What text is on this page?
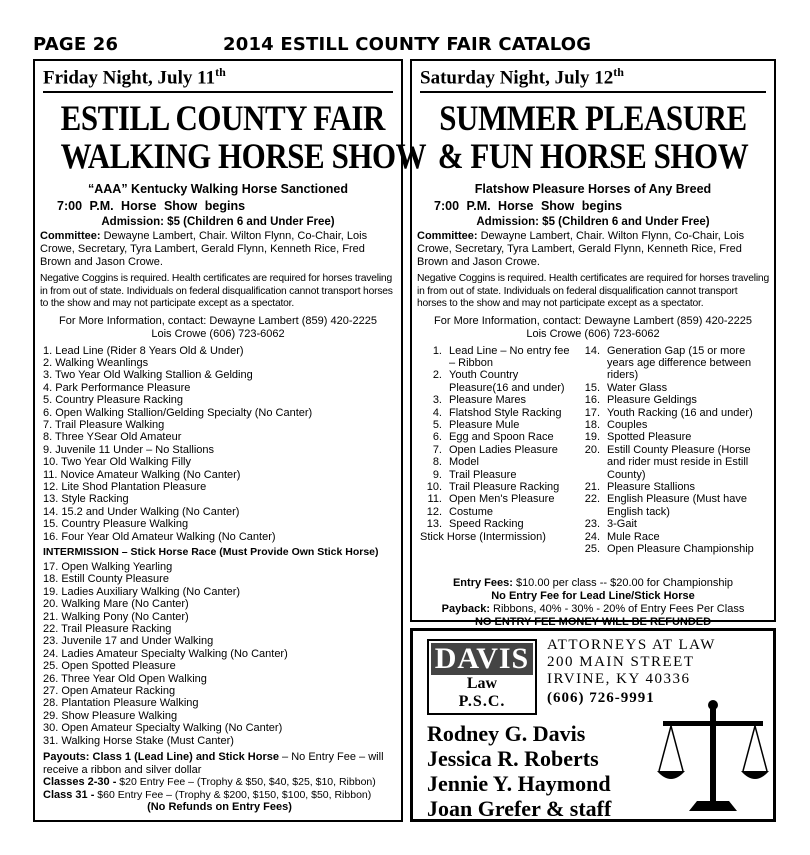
PAGE 26	2014 ESTILL COUNTY FAIR CATALOG
Friday Night, July 11th
ESTILL COUNTY FAIR
WALKING HORSE SHOW
“AAA” Kentucky Walking Horse Sanctioned
7:00 P.M. Horse Show begins
Admission: $5 (Children 6 and Under Free)
Committee: Dewayne Lambert, Chair. Wilton Flynn, Co-Chair, Lois Crowe, Secretary, Tyra Lambert, Gerald Flynn, Kenneth Rice, Fred Brown and Jason Crowe.
Negative Coggins is required. Health certificates are required for horses traveling in from out of state. Individuals on federal disqualification cannot transport horses to the show and may not participate except as a spectator.
For More Information, contact: Dewayne Lambert (859) 420-2225
Lois Crowe (606) 723-6062
1. Lead Line (Rider 8 Years Old & Under)
2. Walking Weanlings
3. Two Year Old Walking Stallion & Gelding
4. Park Performance Pleasure
5. Country Pleasure Racking
6. Open Walking Stallion/Gelding Specialty (No Canter)
7. Trail Pleasure Walking
8. Three YSear Old Amateur
9. Juvenile 11 Under – No Stallions
10. Two Year Old Walking Filly
11. Novice Amateur Walking (No Canter)
12. Lite Shod Plantation Pleasure
13. Style Racking
14. 15.2 and Under Walking (No Canter)
15. Country Pleasure Walking
16. Four Year Old Amateur Walking (No Canter)
INTERMISSION – Stick Horse Race (Must Provide Own Stick Horse)
17. Open Walking Yearling
18. Estill County Pleasure
19. Ladies Auxiliary Walking (No Canter)
20. Walking Mare (No Canter)
21. Walking Pony (No Canter)
22. Trail Pleasure Racking
23. Juvenile 17 and Under Walking
24. Ladies Amateur Specialty Walking (No Canter)
25. Open Spotted Pleasure
26. Three Year Old Open Walking
27. Open Amateur Racking
28. Plantation Pleasure Walking
29. Show Pleasure Walking
30. Open Amateur Specialty Walking (No Canter)
31. Walking Horse Stake (Must Canter)
Payouts: Class 1 (Lead Line) and Stick Horse – No Entry Fee – will receive a ribbon and silver dollar
Classes 2-30 - $20 Entry Fee – (Trophy & $50, $40, $25, $10, Ribbon)
Class 31 - $60 Entry Fee – (Trophy & $200, $150, $100, $50, Ribbon)
(No Refunds on Entry Fees)
Saturday Night, July 12th
SUMMER PLEASURE
& FUN HORSE SHOW
Flatshow Pleasure Horses of Any Breed
7:00 P.M. Horse Show begins
Admission: $5 (Children 6 and Under Free)
Committee: Dewayne Lambert, Chair. Wilton Flynn, Co-Chair, Lois Crowe, Secretary, Tyra Lambert, Gerald Flynn, Kenneth Rice, Fred Brown and Jason Crowe.
Negative Coggins is required. Health certificates are required for horses traveling in from out of state. Individuals on federal disqualification cannot transport horses to the show and may not participate except as a spectator.
For More Information, contact: Dewayne Lambert (859) 420-2225
Lois Crowe (606) 723-6062
1. Lead Line – No entry fee – Ribbon
2. Youth Country Pleasure(16 and under)
3. Pleasure Mares
4. Flatshod Style Racking
5. Pleasure Mule
6. Egg and Spoon Race
7. Open Ladies Pleasure
8. Model
9. Trail Pleasure
10. Trail Pleasure Racking
11. Open Men's Pleasure
12. Costume
13. Speed Racking
Stick Horse (Intermission)
14. Generation Gap (15 or more years age difference between riders)
15. Water Glass
16. Pleasure Geldings
17. Youth Racking (16 and under)
18. Couples
19. Spotted Pleasure
20. Estill County Pleasure (Horse and rider must reside in Estill County)
21. Pleasure Stallions
22. English Pleasure (Must have English tack)
23. 3-Gait
24. Mule Race
25. Open Pleasure Championship
Entry Fees: $10.00 per class -- $20.00 for Championship
No Entry Fee for Lead Line/Stick Horse
Payback: Ribbons, 40% - 30% - 20% of Entry Fees Per Class
NO ENTRY FEE MONEY WILL BE REFUNDED
DAVIS
Law
P.S.C.
ATTORNEYS AT LAW
200 MAIN STREET
IRVINE, KY 40336
(606) 726-9991
Rodney G. Davis
Jessica R. Roberts
Jennie Y. Haymond
Joan Grefer & staff
